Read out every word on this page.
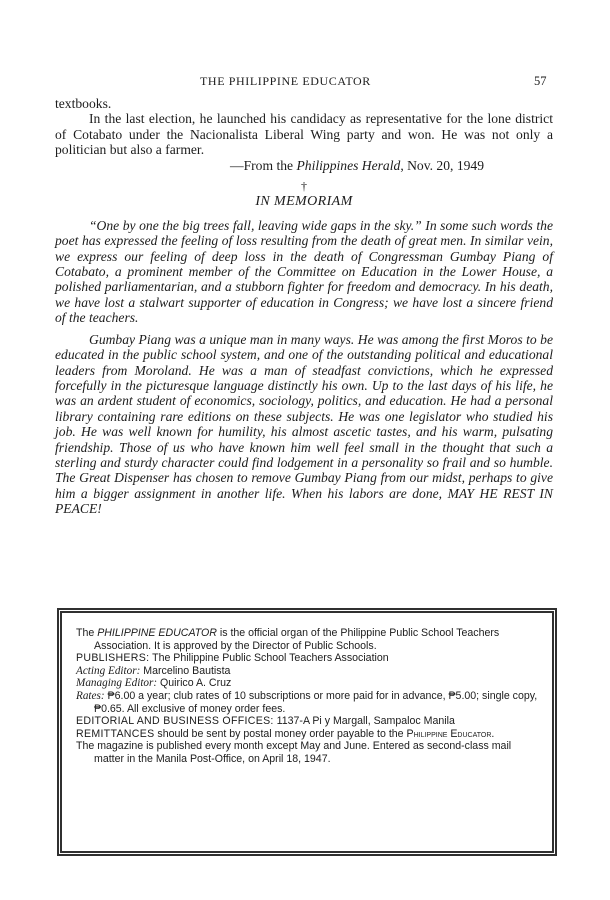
THE PHILIPPINE EDUCATOR	57

textbooks.

In the last election, he launched his candidacy as representative for the lone district of Cotabato under the Nacionalista Liberal Wing party and won. He was not only a politician but also a farmer.

—From the Philippines Herald, Nov. 20, 1949

†

IN MEMORIAM

“One by one the big trees fall, leaving wide gaps in the sky.” In some such words the poet has expressed the feeling of loss resulting from the death of great men. In similar vein, we express our feeling of deep loss in the death of Congressman Gumbay Piang of Cotabato, a prominent member of the Committee on Education in the Lower House, a polished parliamentarian, and a stubborn fighter for freedom and democracy. In his death, we have lost a stalwart supporter of education in Congress; we have lost a sincere friend of the teachers.

Gumbay Piang was a unique man in many ways. He was among the first Moros to be educated in the public school system, and one of the outstanding political and educational leaders from Moroland. He was a man of steadfast convictions, which he expressed forcefully in the picturesque language distinctly his own. Up to the last days of his life, he was an ardent student of economics, sociology, politics, and education. He had a personal library containing rare editions on these subjects. He was one legislator who studied his job. He was well known for humility, his almost ascetic tastes, and his warm, pulsating friendship. Those of us who have known him well feel small in the thought that such a sterling and sturdy character could find lodgement in a personality so frail and so humble. The Great Dispenser has chosen to remove Gumbay Piang from our midst, perhaps to give him a bigger assignment in another life. When his labors are done, MAY HE REST IN PEACE!

The PHILIPPINE EDUCATOR is the official organ of the Philippine Public School Teachers Association. It is approved by the Director of Public Schools.

PUBLISHERS: The Philippine Public School Teachers Association

Acting Editor: Marcelino Bautista

Managing Editor: Quirico A. Cruz

Rates: ₱6.00 a year; club rates of 10 subscriptions or more paid for in advance, ₱5.00; single copy, ₱0.65. All exclusive of money order fees.

EDITORIAL AND BUSINESS OFFICES: 1137-A Pi y Margall, Sampaloc Manila

REMITTANCES should be sent by postal money order payable to the Philippine Educator.

The magazine is published every month except May and June. Entered as second-class mail matter in the Manila Post-Office, on April 18, 1947.
